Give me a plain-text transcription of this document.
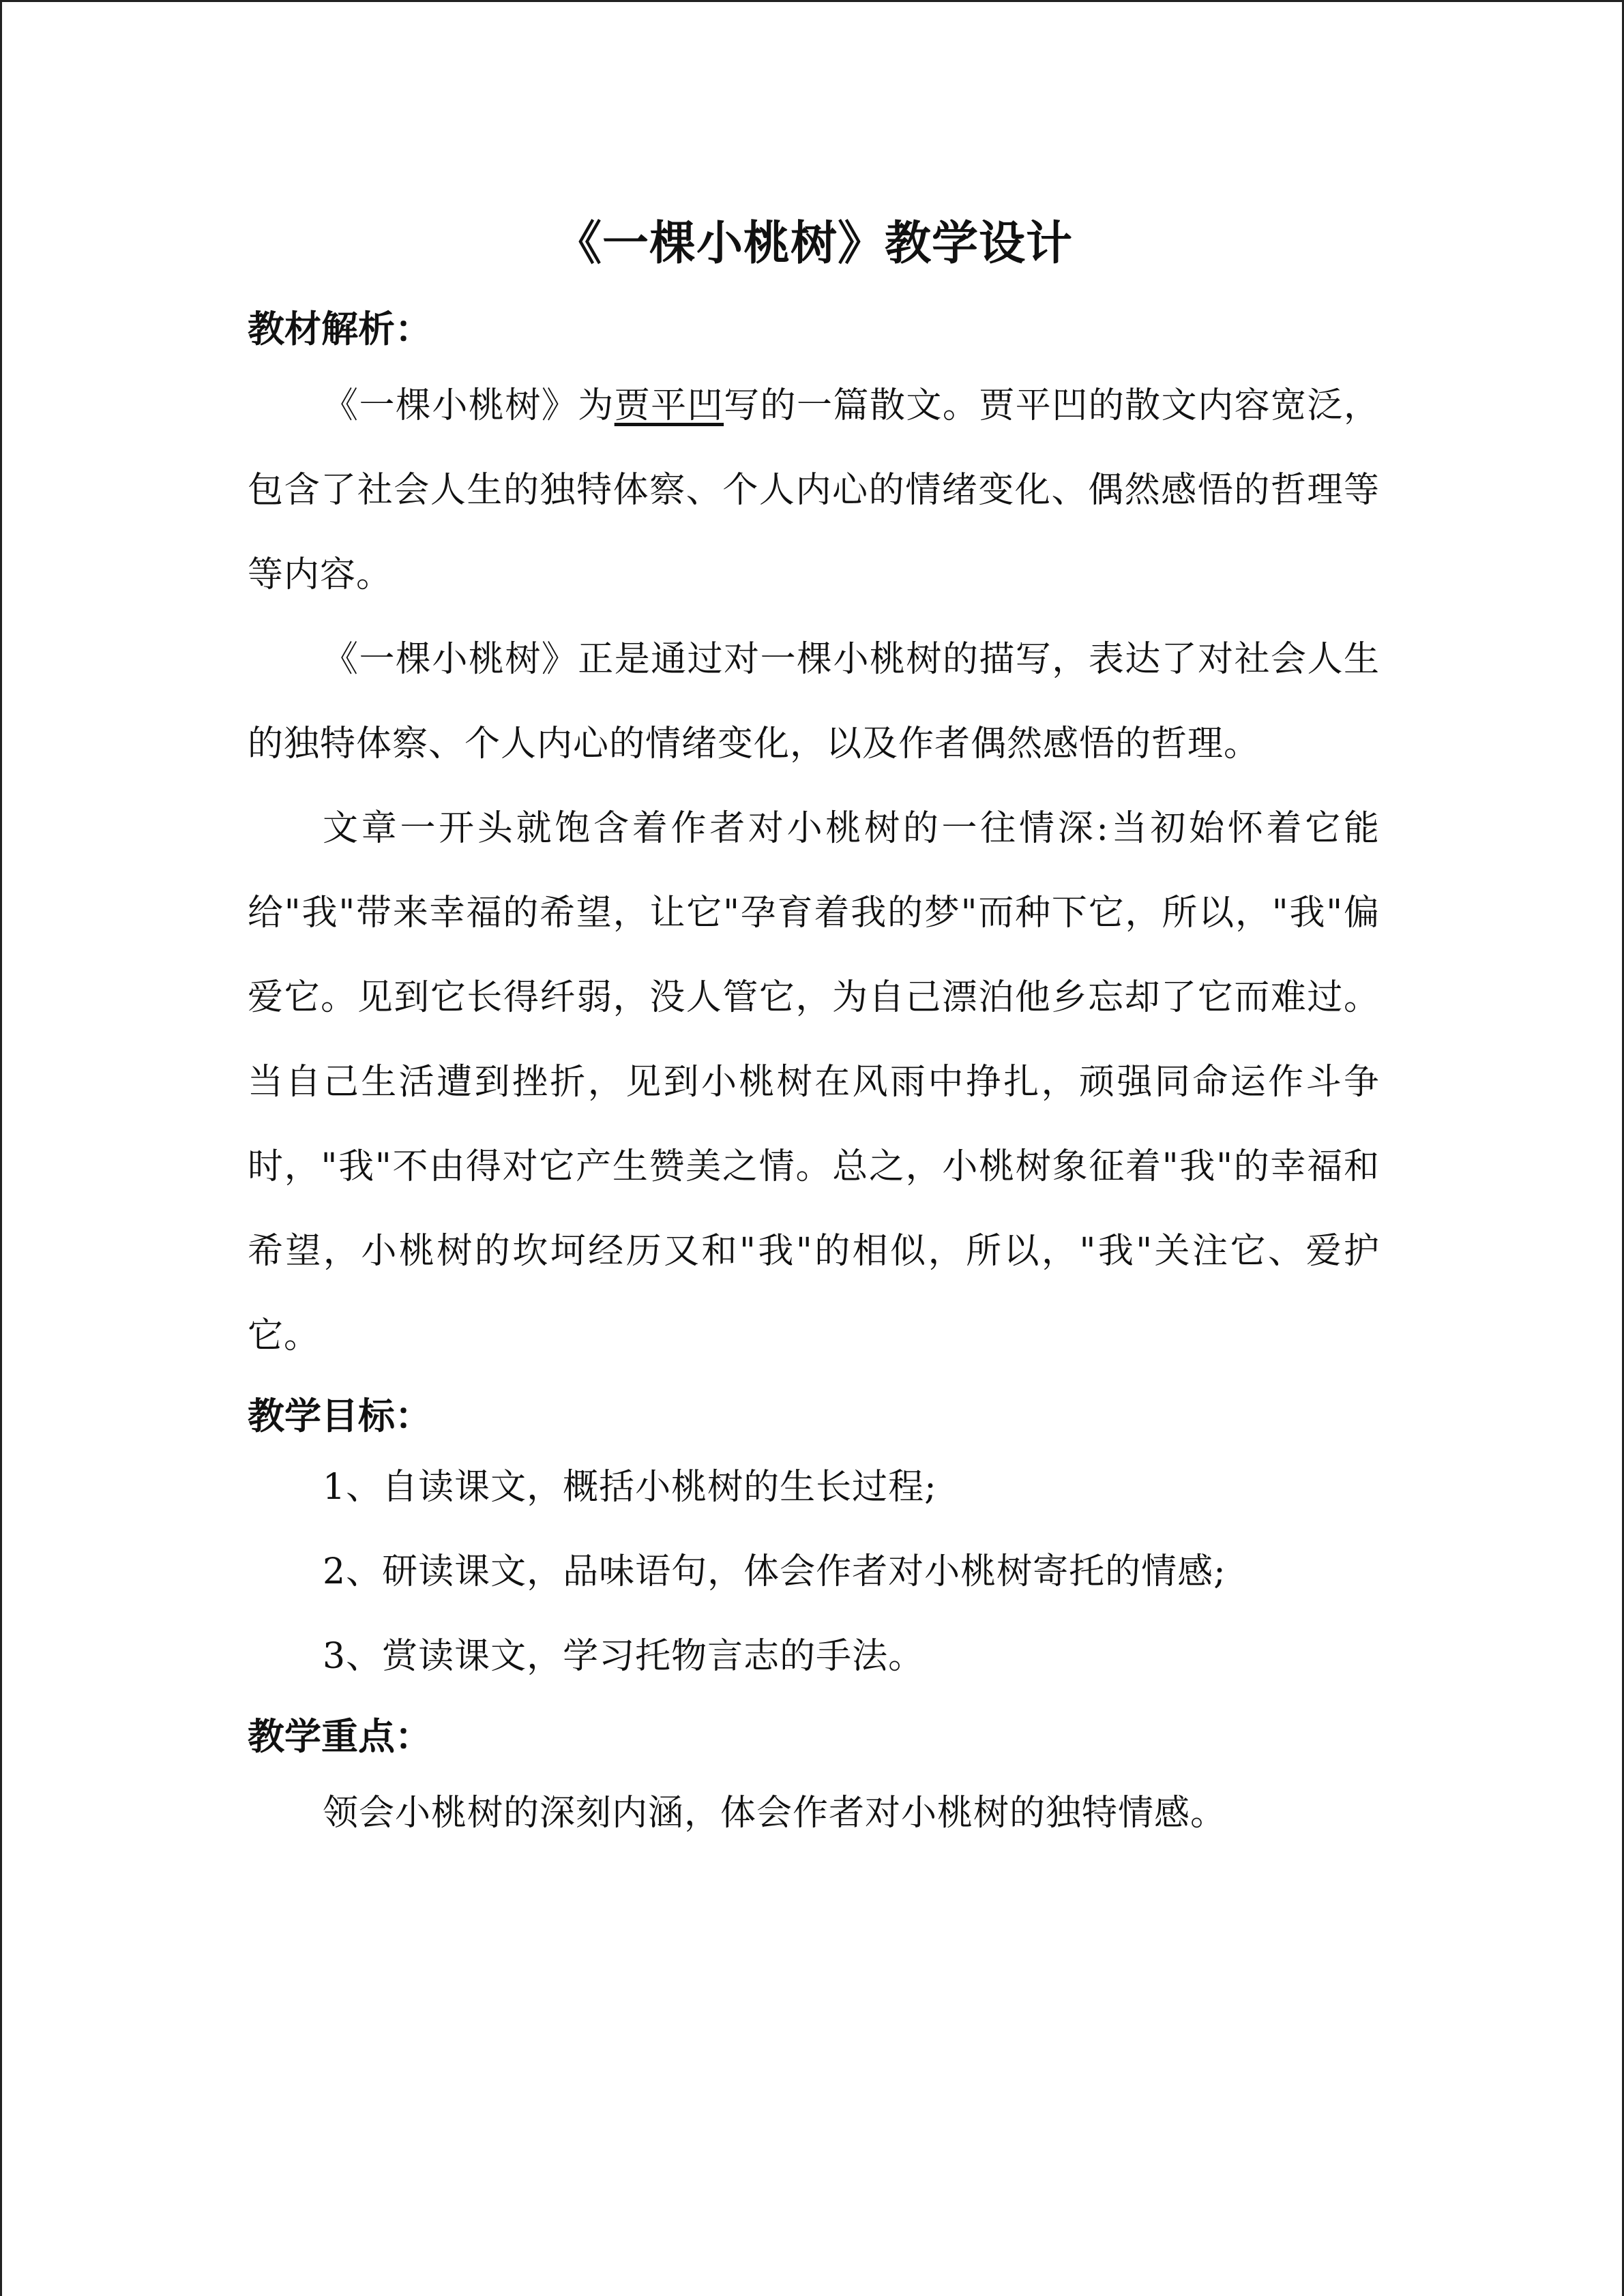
《一棵小桃树》教学设计
教材解析：

《一棵小桃树》为贾平凹写的一篇散文。贾平凹的散文内容宽泛，包含了社会人生的独特体察、个人内心的情绪变化、偶然感悟的哲理等等内容。

《一棵小桃树》正是通过对一棵小桃树的描写，表达了对社会人生的独特体察、个人内心的情绪变化，以及作者偶然感悟的哲理。

文章一开头就饱含着作者对小桃树的一往情深:当初始怀着它能给"我"带来幸福的希望，让它"孕育着我的梦"而种下它，所以，"我"偏爱它。见到它长得纤弱，没人管它，为自己漂泊他乡忘却了它而难过。当自己生活遭到挫折，见到小桃树在风雨中挣扎，顽强同命运作斗争时，"我"不由得对它产生赞美之情。总之，小桃树象征着"我"的幸福和希望，小桃树的坎坷经历又和"我"的相似，所以，"我"关注它、爱护它。

教学目标：

1、自读课文，概括小桃树的生长过程;

2、研读课文，品味语句，体会作者对小桃树寄托的情感;

3、赏读课文，学习托物言志的手法。

教学重点：

领会小桃树的深刻内涵，体会作者对小桃树的独特情感。
